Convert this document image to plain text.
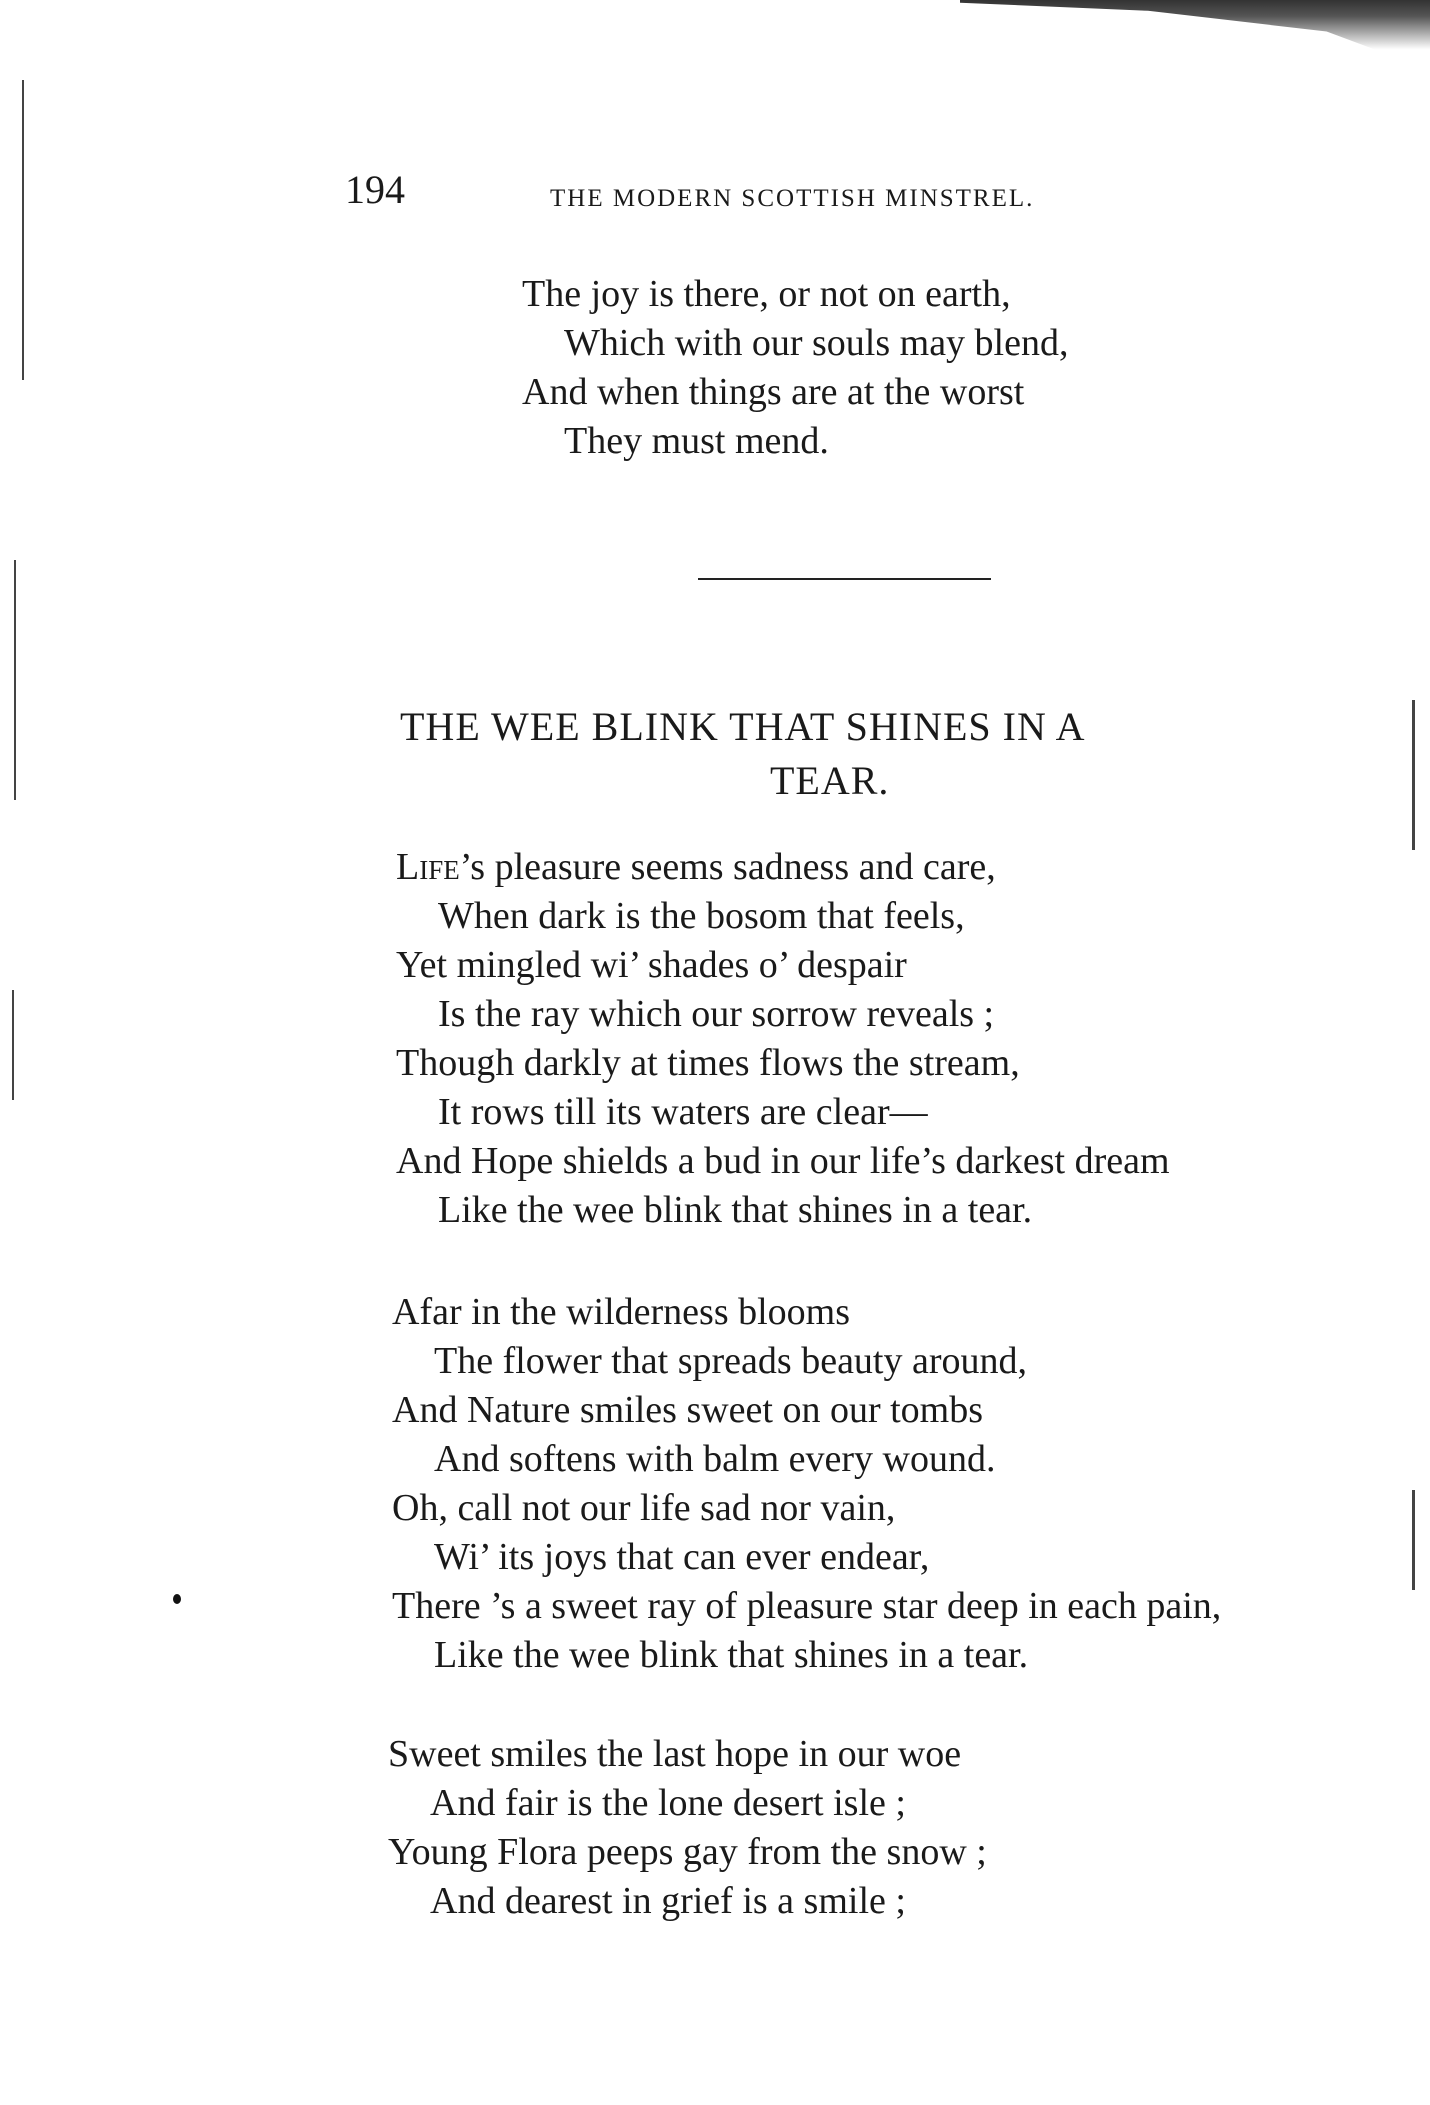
194	THE MODERN SCOTTISH MINSTREL.
The joy is there, or not on earth,
Which with our souls may blend,
And when things are at the worst
They must mend.
THE WEE BLINK THAT SHINES IN A
TEAR.
Life’s pleasure seems sadness and care,
When dark is the bosom that feels,
Yet mingled wi’ shades o’ despair
Is the ray which our sorrow reveals ;
Though darkly at times flows the stream,
It rows till its waters are clear—
And Hope shields a bud in our life’s darkest dream
Like the wee blink that shines in a tear.
Afar in the wilderness blooms
The flower that spreads beauty around,
And Nature smiles sweet on our tombs
And softens with balm every wound.
Oh, call not our life sad nor vain,
Wi’ its joys that can ever endear,
There ’s a sweet ray of pleasure star deep in each pain,
Like the wee blink that shines in a tear.
Sweet smiles the last hope in our woe
And fair is the lone desert isle ;
Young Flora peeps gay from the snow ;
And dearest in grief is a smile ;
